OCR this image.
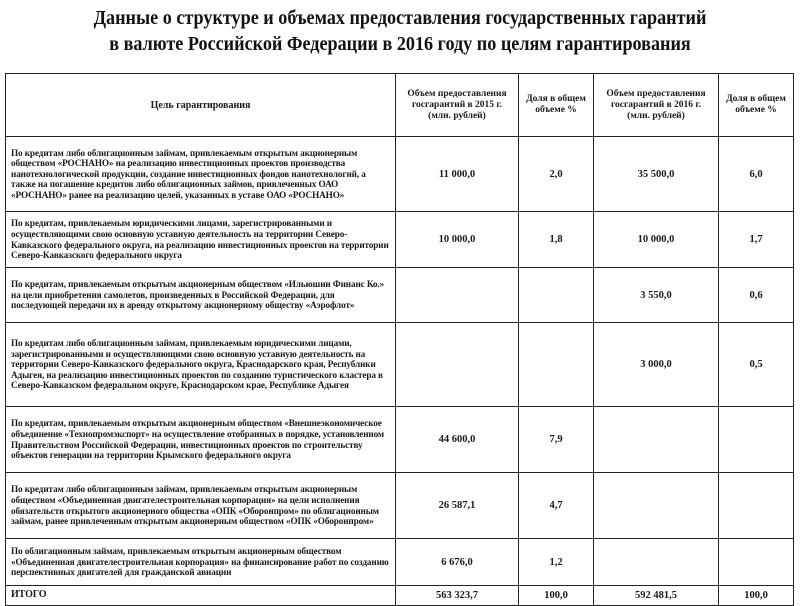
Данные о структуре и объемах предоставления государственных гарантий
в валюте Российской Федерации в 2016 году по целям гарантирования
Цель гарантирования	Объем предоставления госгарантий в 2015 г. (млн. рублей)	Доля в общем объеме %	Объем предоставления госгарантий в 2016 г. (млн. рублей)	Доля в общем объеме %
По кредитам либо облигационным займам, привлекаемым открытым акционерным обществом «РОСНАНО» на реализацию инвестиционных проектов производства нанотехнологической продукции, создание инвестиционных фондов нанотехнологий, а также на погашение кредитов либо облигационных займов, привлеченных ОАО «РОСНАНО» ранее на реализацию целей, указанных в уставе ОАО «РОСНАНО»	11 000,0	2,0	35 500,0	6,0
По кредитам, привлекаемым юридическими лицами, зарегистрированными и осуществляющими свою основную уставную деятельность на территории Северо-Кавказского федерального округа, на реализацию инвестиционных проектов на территории Северо-Кавказского федерального округа	10 000,0	1,8	10 000,0	1,7
По кредитам, привлекаемым открытым акционерным обществом «Ильюшин Финанс Ко.» на цели приобретения самолетов, произведенных в Российской Федерации, для последующей передачи их в аренду открытому акционерному обществу «Аэрофлот»			3 550,0	0,6
По кредитам либо облигационным займам, привлекаемым юридическими лицами, зарегистрированными и осуществляющими свою основную уставную деятельность на территории Северо-Кавказского федерального округа, Краснодарского края, Республики Адыгея, на реализацию инвестиционных проектов по созданию туристического кластера в Северо-Кавказском федеральном округе, Краснодарском крае, Республике Адыгея			3 000,0	0,5
По кредитам, привлекаемым открытым акционерным обществом «Внешнеэкономическое объединение «Технопромэкспорт» на осуществление отобранных в порядке, установленном Правительством Российской Федерации, инвестиционных проектов по строительству объектов генерации на территории Крымского федерального округа	44 600,0	7,9		
По кредитам либо облигационным займам, привлекаемым открытым акционерным обществом «Объединенная двигателестроительная корпорация» на цели исполнения обязательств открытого акционерного общества «ОПК «Оборонпром» по облигационным займам, ранее привлеченным открытым акционерным обществом «ОПК «Оборонпром»	26 587,1	4,7		
По облигационным займам, привлекаемым открытым акционерным обществом «Объединенная двигателестроительная корпорация» на финансирование работ по созданию перспективных двигателей для гражданской авиации	6 676,0	1,2		
ИТОГО	563 323,7	100,0	592 481,5	100,0
